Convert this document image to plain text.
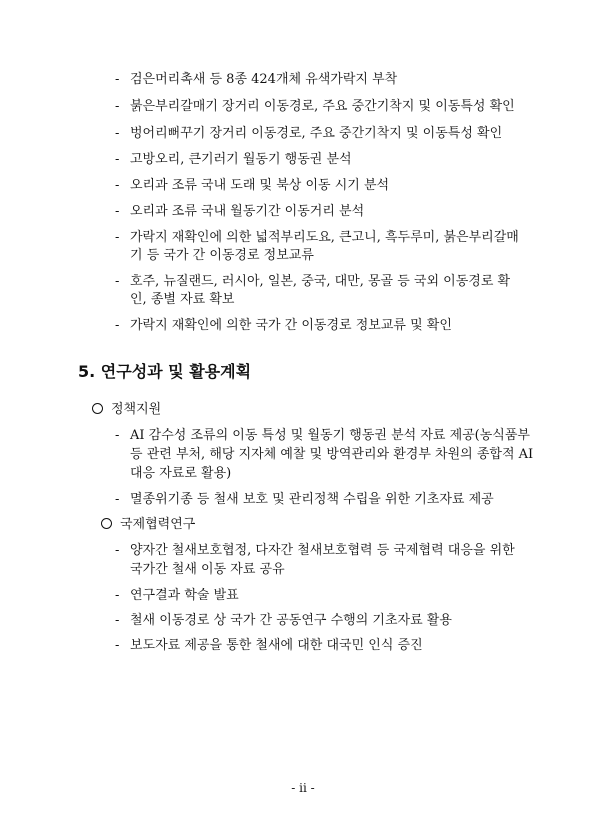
- 검은머리촉새 등 8종 424개체 유색가락지 부착
- 붉은부리갈매기 장거리 이동경로, 주요 중간기착지 및 이동특성 확인
- 벙어리뻐꾸기 장거리 이동경로, 주요 중간기착지 및 이동특성 확인
- 고방오리, 큰기러기 월동기 행동권 분석
- 오리과 조류 국내 도래 및 북상 이동 시기 분석
- 오리과 조류 국내 월동기간 이동거리 분석
- 가락지 재확인에 의한 넓적부리도요, 큰고니, 흑두루미, 붉은부리갈매
기 등 국가 간 이동경로 정보교류
- 호주, 뉴질랜드, 러시아, 일본, 중국, 대만, 몽골 등 국외 이동경로 확
인, 종별 자료 확보
- 가락지 재확인에 의한 국가 간 이동경로 정보교류 및 확인
5. 연구성과 및 활용계획
정책지원
- AI 감수성 조류의 이동 특성 및 월동기 행동권 분석 자료 제공(농식품부
등 관련 부처, 해당 지자체 예찰 및 방역관리와 환경부 차원의 종합적 AI
대응 자료로 활용)
- 멸종위기종 등 철새 보호 및 관리정책 수립을 위한 기초자료 제공
국제협력연구
- 양자간 철새보호협정, 다자간 철새보호협력 등 국제협력 대응을 위한
국가간 철새 이동 자료 공유
- 연구결과 학술 발표
- 철새 이동경로 상 국가 간 공동연구 수행의 기초자료 활용
- 보도자료 제공을 통한 철새에 대한 대국민 인식 증진
- ii -
